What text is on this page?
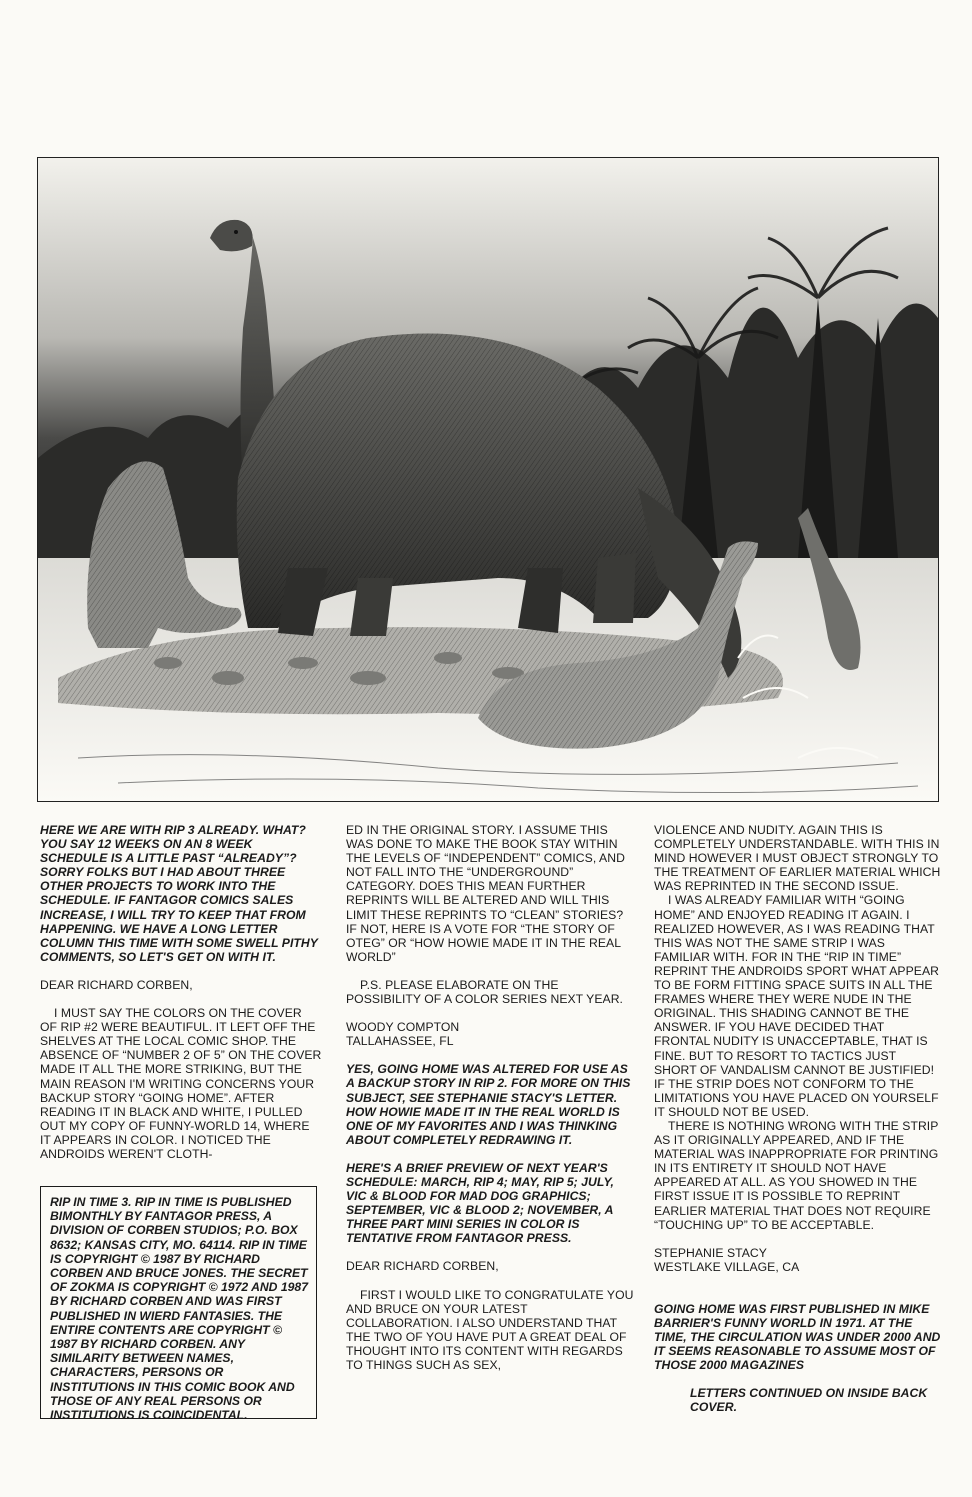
HERE WE ARE WITH RIP 3 ALREADY. WHAT? YOU SAY 12 WEEKS ON AN 8 WEEK SCHEDULE IS A LITTLE PAST “ALREADY”? SORRY FOLKS BUT I HAD ABOUT THREE OTHER PROJECTS TO WORK INTO THE SCHEDULE. IF FANTAGOR COMICS SALES INCREASE, I WILL TRY TO KEEP THAT FROM HAPPENING. WE HAVE A LONG LETTER COLUMN THIS TIME WITH SOME SWELL PITHY COMMENTS, SO LET'S GET ON WITH IT.

DEAR RICHARD CORBEN,

I MUST SAY THE COLORS ON THE COVER OF RIP #2 WERE BEAUTIFUL. IT LEFT OFF THE SHELVES AT THE LOCAL COMIC SHOP. THE ABSENCE OF “NUMBER 2 OF 5” ON THE COVER MADE IT ALL THE MORE STRIKING, BUT THE MAIN REASON I'M WRITING CONCERNS YOUR BACKUP STORY “GOING HOME”. AFTER READING IT IN BLACK AND WHITE, I PULLED OUT MY COPY OF FUNNY-WORLD 14, WHERE IT APPEARS IN COLOR. I NOTICED THE ANDROIDS WEREN'T CLOTH-

RIP IN TIME 3. RIP IN TIME IS PUBLISHED BIMONTHLY BY FANTAGOR PRESS, A DIVISION OF CORBEN STUDIOS; P.O. BOX 8632; KANSAS CITY, MO. 64114. RIP IN TIME IS COPYRIGHT © 1987 BY RICHARD CORBEN AND BRUCE JONES. THE SECRET OF ZOKMA IS COPYRIGHT © 1972 AND 1987 BY RICHARD CORBEN AND WAS FIRST PUBLISHED IN WIERD FANTASIES. THE ENTIRE CONTENTS ARE COPYRIGHT © 1987 BY RICHARD CORBEN. ANY SIMILARITY BETWEEN NAMES, CHARACTERS, PERSONS OR INSTITUTIONS IN THIS COMIC BOOK AND THOSE OF ANY REAL PERSONS OR INSTITUTIONS IS COINCIDENTAL.

ED IN THE ORIGINAL STORY. I ASSUME THIS WAS DONE TO MAKE THE BOOK STAY WITHIN THE LEVELS OF “INDEPENDENT” COMICS, AND NOT FALL INTO THE “UNDERGROUND” CATEGORY. DOES THIS MEAN FURTHER REPRINTS WILL BE ALTERED AND WILL THIS LIMIT THESE REPRINTS TO “CLEAN” STORIES? IF NOT, HERE IS A VOTE FOR “THE STORY OF OTEG” OR “HOW HOWIE MADE IT IN THE REAL WORLD”

P.S. PLEASE ELABORATE ON THE POSSIBILITY OF A COLOR SERIES NEXT YEAR.

WOODY COMPTON
TALLAHASSEE, FL

YES, GOING HOME WAS ALTERED FOR USE AS A BACKUP STORY IN RIP 2. FOR MORE ON THIS SUBJECT, SEE STEPHANIE STACY'S LETTER. HOW HOWIE MADE IT IN THE REAL WORLD IS ONE OF MY FAVORITES AND I WAS THINKING ABOUT COMPLETELY REDRAWING IT.

HERE'S A BRIEF PREVIEW OF NEXT YEAR'S SCHEDULE: MARCH, RIP 4; MAY, RIP 5; JULY, VIC & BLOOD FOR MAD DOG GRAPHICS; SEPTEMBER, VIC & BLOOD 2; NOVEMBER, A THREE PART MINI SERIES IN COLOR IS TENTATIVE FROM FANTAGOR PRESS.

DEAR RICHARD CORBEN,

FIRST I WOULD LIKE TO CONGRATULATE YOU AND BRUCE ON YOUR LATEST COLLABORATION. I ALSO UNDERSTAND THAT THE TWO OF YOU HAVE PUT A GREAT DEAL OF THOUGHT INTO ITS CONTENT WITH REGARDS TO THINGS SUCH AS SEX,

VIOLENCE AND NUDITY. AGAIN THIS IS COMPLETELY UNDERSTANDABLE. WITH THIS IN MIND HOWEVER I MUST OBJECT STRONGLY TO THE TREATMENT OF EARLIER MATERIAL WHICH WAS REPRINTED IN THE SECOND ISSUE.

I WAS ALREADY FAMILIAR WITH “GOING HOME” AND ENJOYED READING IT AGAIN. I REALIZED HOWEVER, AS I WAS READING THAT THIS WAS NOT THE SAME STRIP I WAS FAMILIAR WITH. FOR IN THE “RIP IN TIME” REPRINT THE ANDROIDS SPORT WHAT APPEAR TO BE FORM FITTING SPACE SUITS IN ALL THE FRAMES WHERE THEY WERE NUDE IN THE ORIGINAL. THIS SHADING CANNOT BE THE ANSWER. IF YOU HAVE DECIDED THAT FRONTAL NUDITY IS UNACCEPTABLE, THAT IS FINE. BUT TO RESORT TO TACTICS JUST SHORT OF VANDALISM CANNOT BE JUSTIFIED! IF THE STRIP DOES NOT CONFORM TO THE LIMITATIONS YOU HAVE PLACED ON YOURSELF IT SHOULD NOT BE USED.

THERE IS NOTHING WRONG WITH THE STRIP AS IT ORIGINALLY APPEARED, AND IF THE MATERIAL WAS INAPPROPRIATE FOR PRINTING IN ITS ENTIRETY IT SHOULD NOT HAVE APPEARED AT ALL. AS YOU SHOWED IN THE FIRST ISSUE IT IS POSSIBLE TO REPRINT EARLIER MATERIAL THAT DOES NOT REQUIRE “TOUCHING UP” TO BE ACCEPTABLE.

STEPHANIE STACY
WESTLAKE VILLAGE, CA

GOING HOME WAS FIRST PUBLISHED IN MIKE BARRIER'S FUNNY WORLD IN 1971. AT THE TIME, THE CIRCULATION WAS UNDER 2000 AND IT SEEMS REASONABLE TO ASSUME MOST OF THOSE 2000 MAGAZINES

LETTERS CONTINUED ON INSIDE BACK COVER.
